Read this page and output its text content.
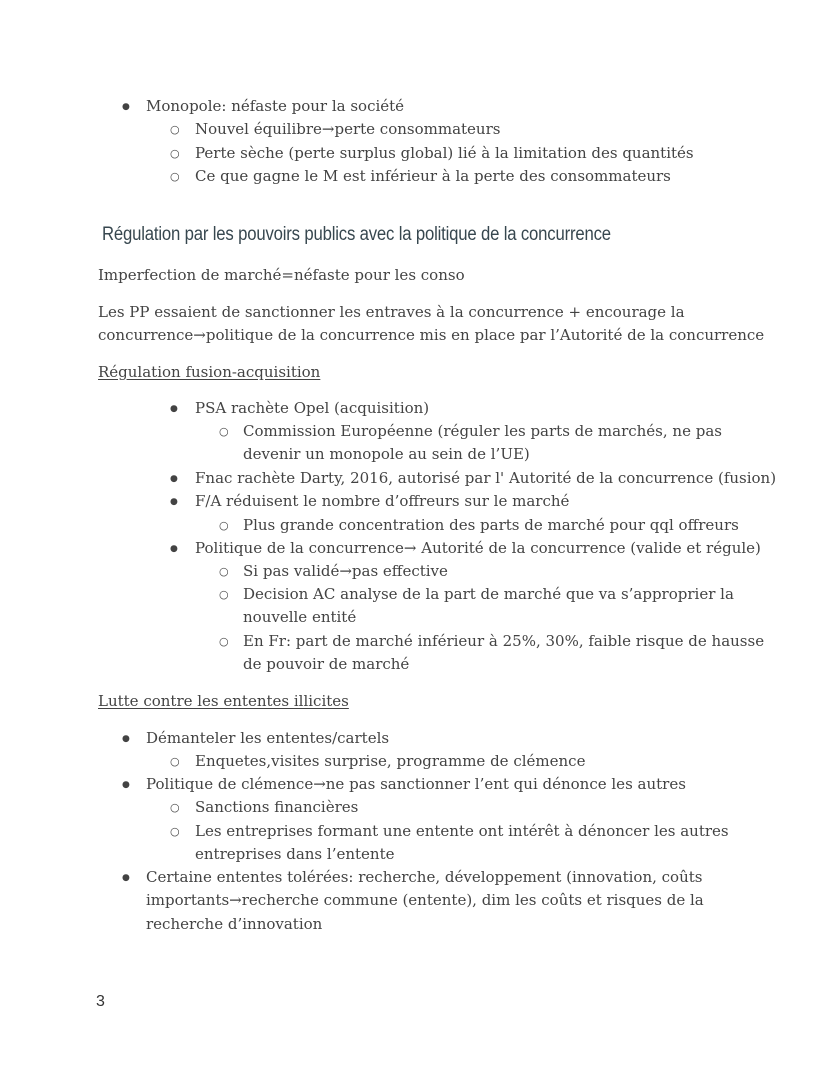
●
Monopole: néfaste pour la société
○
Nouvel équilibre→perte consommateurs
○
Perte sèche (perte surplus global) lié à la limitation des quantités
○
Ce que gagne le M est inférieur à la perte des consommateurs
Régulation par les pouvoirs publics avec la politique de la concurrence
Imperfection de marché=néfaste pour les conso
Les PP essaient de sanctionner les entraves à la concurrence + encourage la
concurrence→politique de la concurrence mis en place par l’Autorité de la concurrence
Régulation fusion-acquisition
●
PSA rachète Opel (acquisition)
○
Commission Européenne (réguler les parts de marchés, ne pas
devenir un monopole au sein de l’UE)
●
Fnac rachète Darty, 2016, autorisé par l' Autorité de la concurrence (fusion)
●
F/A réduisent le nombre d’offreurs sur le marché
○
Plus grande concentration des parts de marché pour qql offreurs
●
Politique de la concurrence→ Autorité de la concurrence (valide et régule)
○
Si pas validé→pas effective
○
Decision AC analyse de la part de marché que va s’approprier la
nouvelle entité
○
En Fr: part de marché inférieur à 25%, 30%, faible risque de hausse
de pouvoir de marché
Lutte contre les ententes illicites
●
Démanteler les ententes/cartels
○
Enquetes,visites surprise, programme de clémence
●
Politique de clémence→ne pas sanctionner l’ent qui dénonce les autres
○
Sanctions financières
○
Les entreprises formant une entente ont intérêt à dénoncer les autres
entreprises dans l’entente
●
Certaine ententes tolérées: recherche, développement (innovation, coûts
importants→recherche commune (entente), dim les coûts et risques de la
recherche d’innovation
3
